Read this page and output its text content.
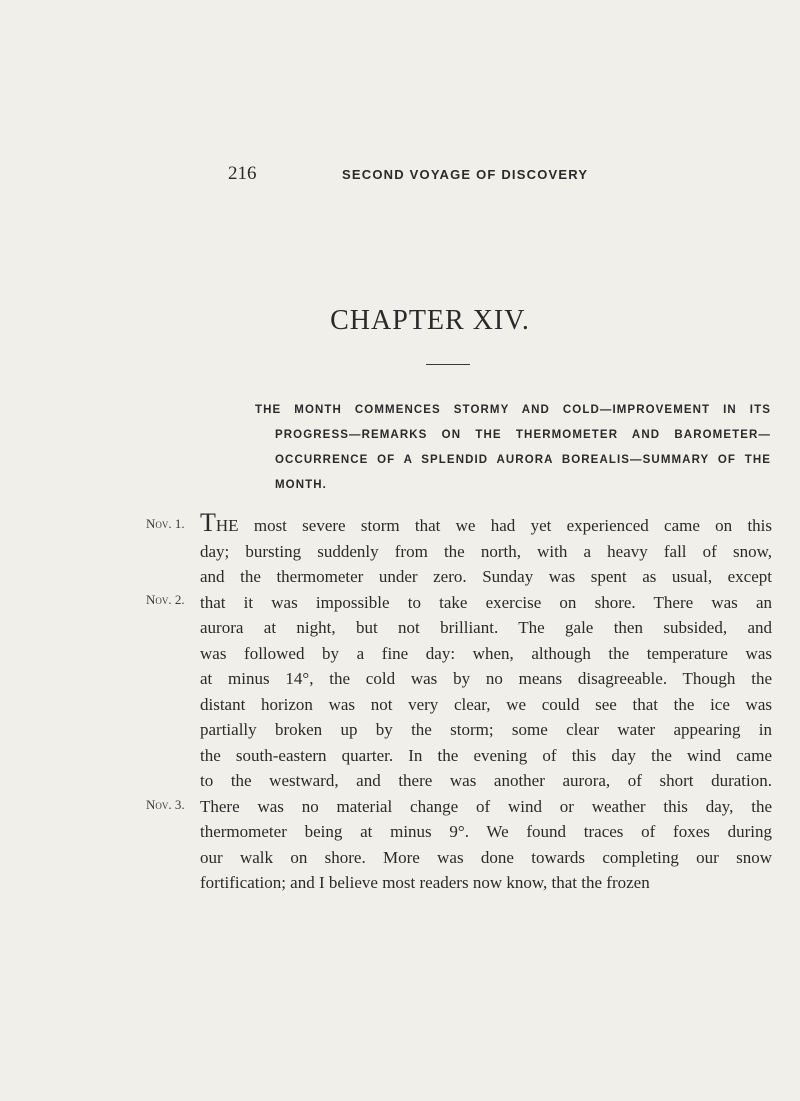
216	SECOND VOYAGE OF DISCOVERY
CHAPTER XIV.
THE MONTH COMMENCES STORMY AND COLD—IMPROVEMENT IN ITS PROGRESS—REMARKS ON THE THERMOMETER AND BAROMETER—OCCURRENCE OF A SPLENDID AURORA BOREALIS—SUMMARY OF THE MONTH.
Nov. 1.
Nov. 2.
Nov. 3.
THE most severe storm that we had yet experienced came on this
day; bursting suddenly from the north, with a heavy fall of snow,
and the thermometer under zero. Sunday was spent as usual, except
that it was impossible to take exercise on shore. There was an
aurora at night, but not brilliant. The gale then subsided, and
was followed by a fine day: when, although the temperature was
at minus 14°, the cold was by no means disagreeable. Though the
distant horizon was not very clear, we could see that the ice was
partially broken up by the storm; some clear water appearing in
the south-eastern quarter. In the evening of this day the wind came
to the westward, and there was another aurora, of short duration.
There was no material change of wind or weather this day, the
thermometer being at minus 9°. We found traces of foxes during
our walk on shore. More was done towards completing our snow
fortification; and I believe most readers now know, that the frozen
